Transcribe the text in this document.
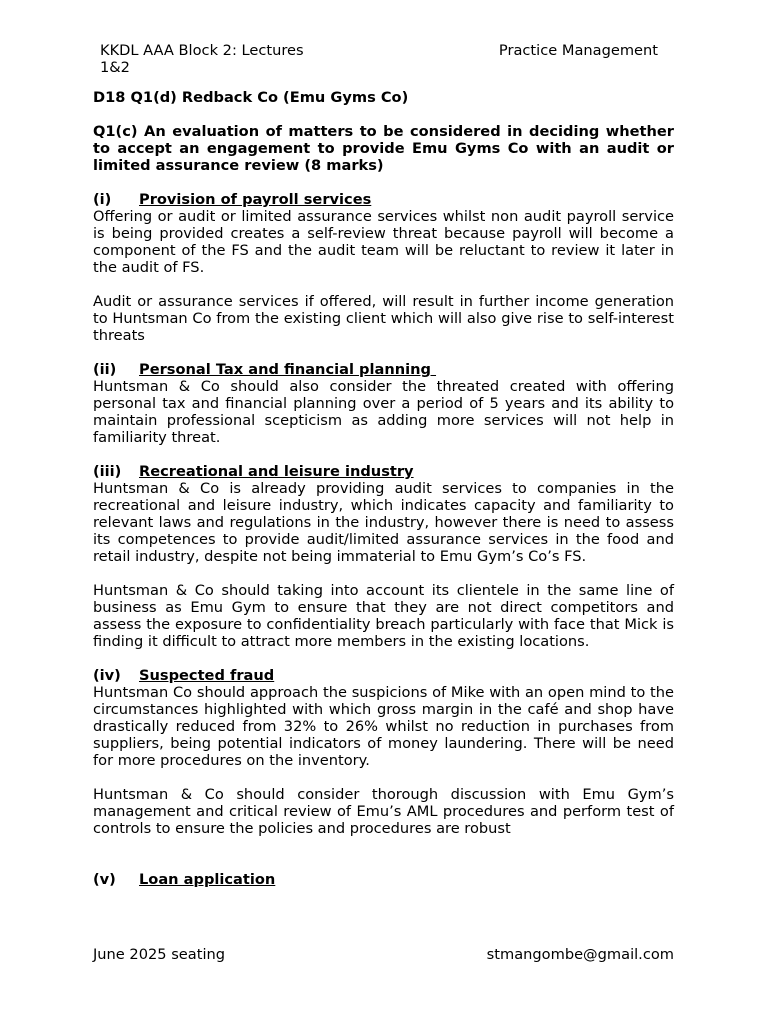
KKDL AAA Block 2: Lectures 1&2
Practice Management

D18 Q1(d) Redback Co (Emu Gyms Co)

Q1(c) An evaluation of matters to be considered in deciding whether to accept an engagement to provide Emu Gyms Co with an audit or limited assurance review (8 marks)

(i)	Provision of payroll services

Offering or audit or limited assurance services whilst non audit payroll service is being provided creates a self-review threat because payroll will become a component of the FS and the audit team will be reluctant to review it later in the audit of FS.

Audit or assurance services if offered, will result in further income generation to Huntsman Co from the existing client which will also give rise to self-interest threats

(ii)	Personal Tax and financial planning

Huntsman & Co should also consider the threated created with offering personal tax and financial planning over a period of 5 years and its ability to maintain professional scepticism as adding more services will not help in familiarity threat.

(iii)	Recreational and leisure industry

Huntsman & Co is already providing audit services to companies in the recreational and leisure industry, which indicates capacity and familiarity to relevant laws and regulations in the industry, however there is need to assess its competences to provide audit/limited assurance services in the food and retail industry, despite not being immaterial to Emu Gym’s Co’s FS.

Huntsman & Co should taking into account its clientele in the same line of business as Emu Gym to ensure that they are not direct competitors and assess the exposure to confidentiality breach particularly with face that Mick is finding it difficult to attract more members in the existing locations.

(iv)	Suspected fraud

Huntsman Co should approach the suspicions of Mike with an open mind to the circumstances highlighted with which gross margin in the café and shop have drastically reduced from 32% to 26% whilst no reduction in purchases from suppliers, being potential indicators of money laundering. There will be need for more procedures on the inventory.

Huntsman & Co should consider thorough discussion with Emu Gym’s management and critical review of Emu’s AML procedures and perform test of controls to ensure the policies and procedures are robust

(v)	Loan application
June 2025 seating	stmangombe@gmail.com
